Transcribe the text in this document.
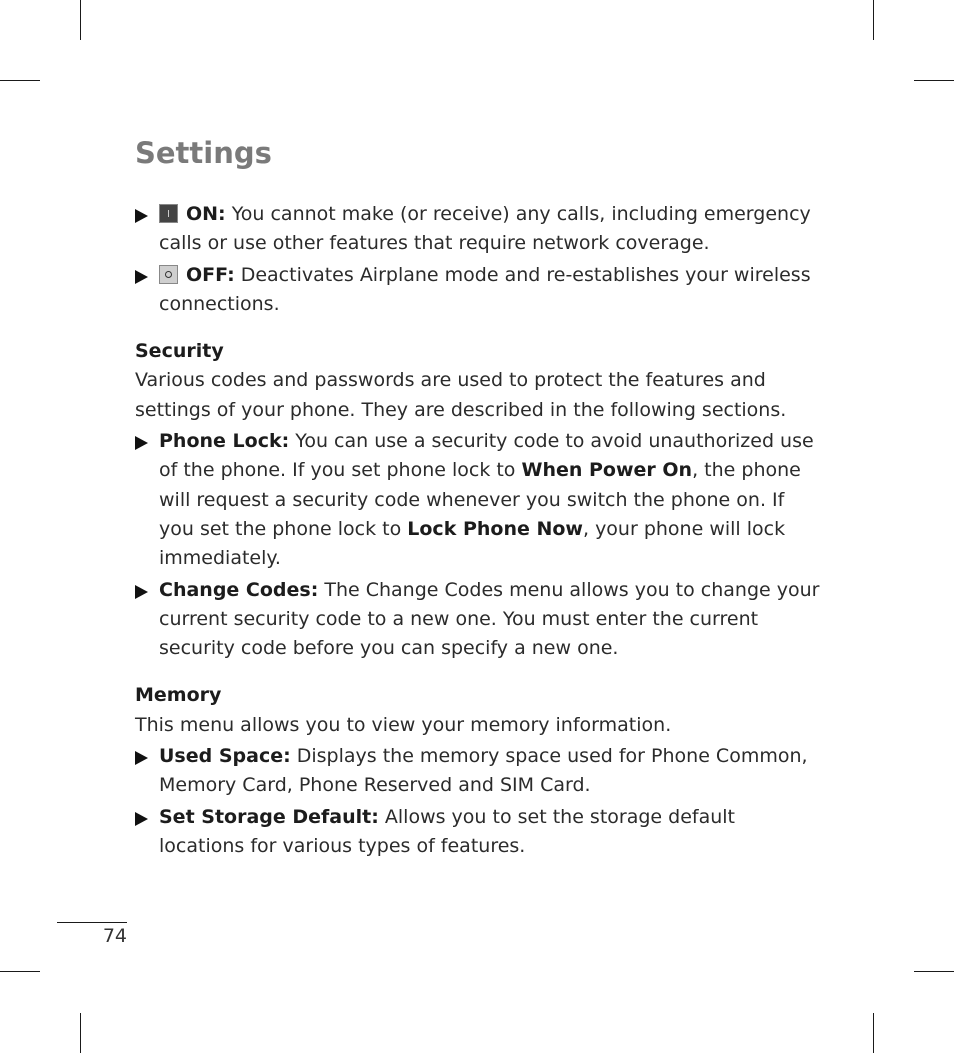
Settings

ON: You cannot make (or receive) any calls, including emergency calls or use other features that require network coverage.

OFF: Deactivates Airplane mode and re-establishes your wireless connections.

Security

Various codes and passwords are used to protect the features and settings of your phone. They are described in the following sections.

Phone Lock: You can use a security code to avoid unauthorized use of the phone. If you set phone lock to When Power On, the phone will request a security code whenever you switch the phone on. If you set the phone lock to Lock Phone Now, your phone will lock immediately.

Change Codes: The Change Codes menu allows you to change your current security code to a new one. You must enter the current security code before you can specify a new one.

Memory

This menu allows you to view your memory information.

Used Space: Displays the memory space used for Phone Common, Memory Card, Phone Reserved and SIM Card.

Set Storage Default: Allows you to set the storage default locations for various types of features.

74
